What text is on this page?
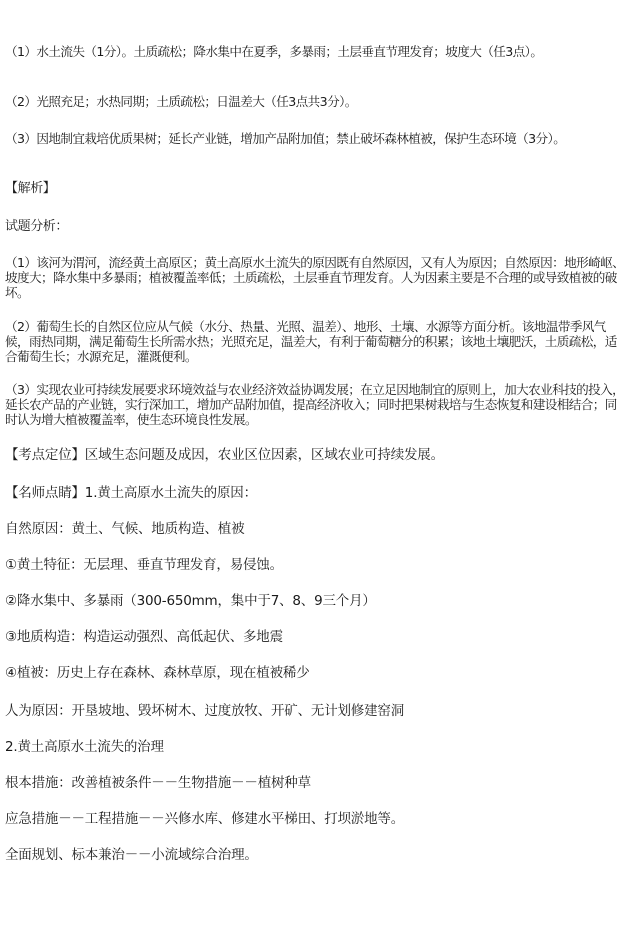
（1）水土流失（1分）。土质疏松；降水集中在夏季，多暴雨；土层垂直节理发育；坡度大（任3点）。

（2）光照充足；水热同期；土质疏松；日温差大（任3点共3分）。

（3）因地制宜栽培优质果树；延长产业链，增加产品附加值；禁止破坏森林植被，保护生态环境（3分）。

【解析】

试题分析：

（1）该河为渭河，流经黄土高原区；黄土高原水土流失的原因既有自然原因，又有人为原因；自然原因：地形崎岖、坡度大；降水集中多暴雨；植被覆盖率低；土质疏松，土层垂直节理发育。人为因素主要是不合理的或导致植被的破坏。

（2）葡萄生长的自然区位应从气候（水分、热量、光照、温差）、地形、土壤、水源等方面分析。该地温带季风气候，雨热同期，满足葡萄生长所需水热；光照充足，温差大，有利于葡萄糖分的积累；该地土壤肥沃，土质疏松，适合葡萄生长；水源充足，灌溉便利。

（3）实现农业可持续发展要求环境效益与农业经济效益协调发展；在立足因地制宜的原则上，加大农业科技的投入，延长农产品的产业链，实行深加工，增加产品附加值，提高经济收入；同时把果树栽培与生态恢复和建设相结合；同时认为增大植被覆盖率，使生态环境良性发展。

【考点定位】区域生态问题及成因，农业区位因素，区域农业可持续发展。

【名师点睛】1.黄土高原水土流失的原因：

自然原因：黄土、气候、地质构造、植被

①黄土特征：无层理、垂直节理发育，易侵蚀。

②降水集中、多暴雨（300-650mm，集中于7、8、9三个月）

③地质构造：构造运动强烈、高低起伏、多地震

④植被：历史上存在森林、森林草原，现在植被稀少

人为原因：开垦坡地、毁坏树木、过度放牧、开矿、无计划修建窑洞

2.黄土高原水土流失的治理

根本措施：改善植被条件－－生物措施－－植树种草

应急措施－－工程措施－－兴修水库、修建水平梯田、打坝淤地等。

全面规划、标本兼治－－小流域综合治理。
